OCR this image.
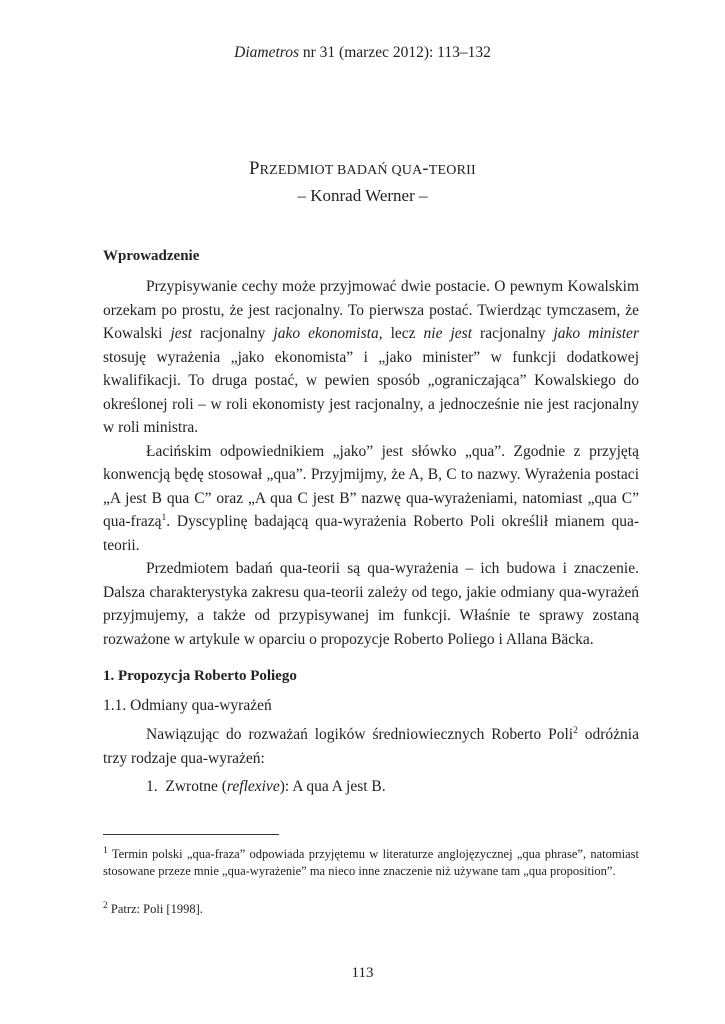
Diametros nr 31 (marzec 2012): 113–132
PRZEDMIOT BADAŃ QUA-TEORII
– Konrad Werner –

Wprowadzenie

Przypisywanie cechy może przyjmować dwie postacie. O pewnym Kowalskim orzekam po prostu, że jest racjonalny. To pierwsza postać. Twierdząc tymczasem, że Kowalski jest racjonalny jako ekonomista, lecz nie jest racjonalny jako minister stosuję wyrażenia „jako ekonomista” i „jako minister” w funkcji dodatkowej kwalifikacji. To druga postać, w pewien sposób „ograniczająca” Kowalskiego do określonej roli – w roli ekonomisty jest racjonalny, a jednocześnie nie jest racjonalny w roli ministra.

Łacińskim odpowiednikiem „jako” jest słówko „qua”. Zgodnie z przyjętą konwencją będę stosował „qua”. Przyjmijmy, że A, B, C to nazwy. Wyrażenia postaci „A jest B qua C” oraz „A qua C jest B” nazwę qua-wyrażeniami, natomiast „qua C” qua-frazą$^1$. Dyscyplinę badającą qua-wyrażenia Roberto Poli określił mianem qua-teorii.

Przedmiotem badań qua-teorii są qua-wyrażenia – ich budowa i znaczenie. Dalsza charakterystyka zakresu qua-teorii zależy od tego, jakie odmiany qua-wyrażeń przyjmujemy, a także od przypisywanej im funkcji. Właśnie te sprawy zostaną rozważone w artykule w oparciu o propozycje Roberto Poliego i Allana Bäcka.

1. Propozycja Roberto Poliego

1.1. Odmiany qua-wyrażeń

Nawiązując do rozważań logików średniowiecznych Roberto Poli$^2$ odróżnia trzy rodzaje qua-wyrażeń:

1. Zwrotne (reflexive): A qua A jest B.

$^1$ Termin polski „qua-fraza” odpowiada przyjętemu w literaturze anglojęzycznej „qua phrase”, natomiast stosowane przeze mnie „qua-wyrażenie” ma nieco inne znaczenie niż używane tam „qua proposition”.
$^2$ Patrz: Poli [1998].
113
